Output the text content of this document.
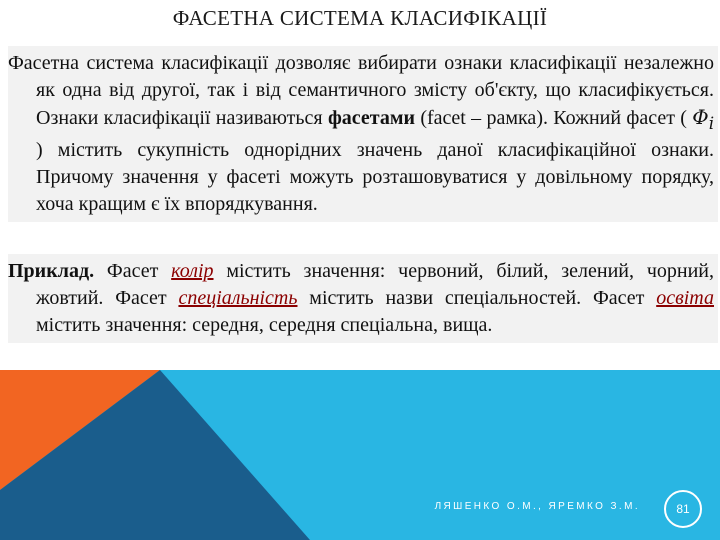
ФАСЕТНА СИСТЕМА КЛАСИФІКАЦІЇ

Фасетна система класифікації дозволяє вибирати ознаки класифікації незалежно як одна від другої, так і від семантичного змісту об'єкту, що класифікується. Ознаки класифікації називаються фасетами (facet – рамка). Кожний фасет ( $\Phi_i$ ) містить сукупність однорідних значень даної класифікаційної ознаки. Причому значення у фасеті можуть розташовуватися у довільному порядку, хоча кращим є їх впорядкування.

Приклад. Фасет колір містить значення: червоний, білий, зелений, чорний, жовтий. Фасет спеціальність містить назви спеціальностей. Фасет освіта містить значення: середня, середня спеціальна, вища.

ЛЯШЕНКО О.М., ЯРЕМКО З.М.	81
